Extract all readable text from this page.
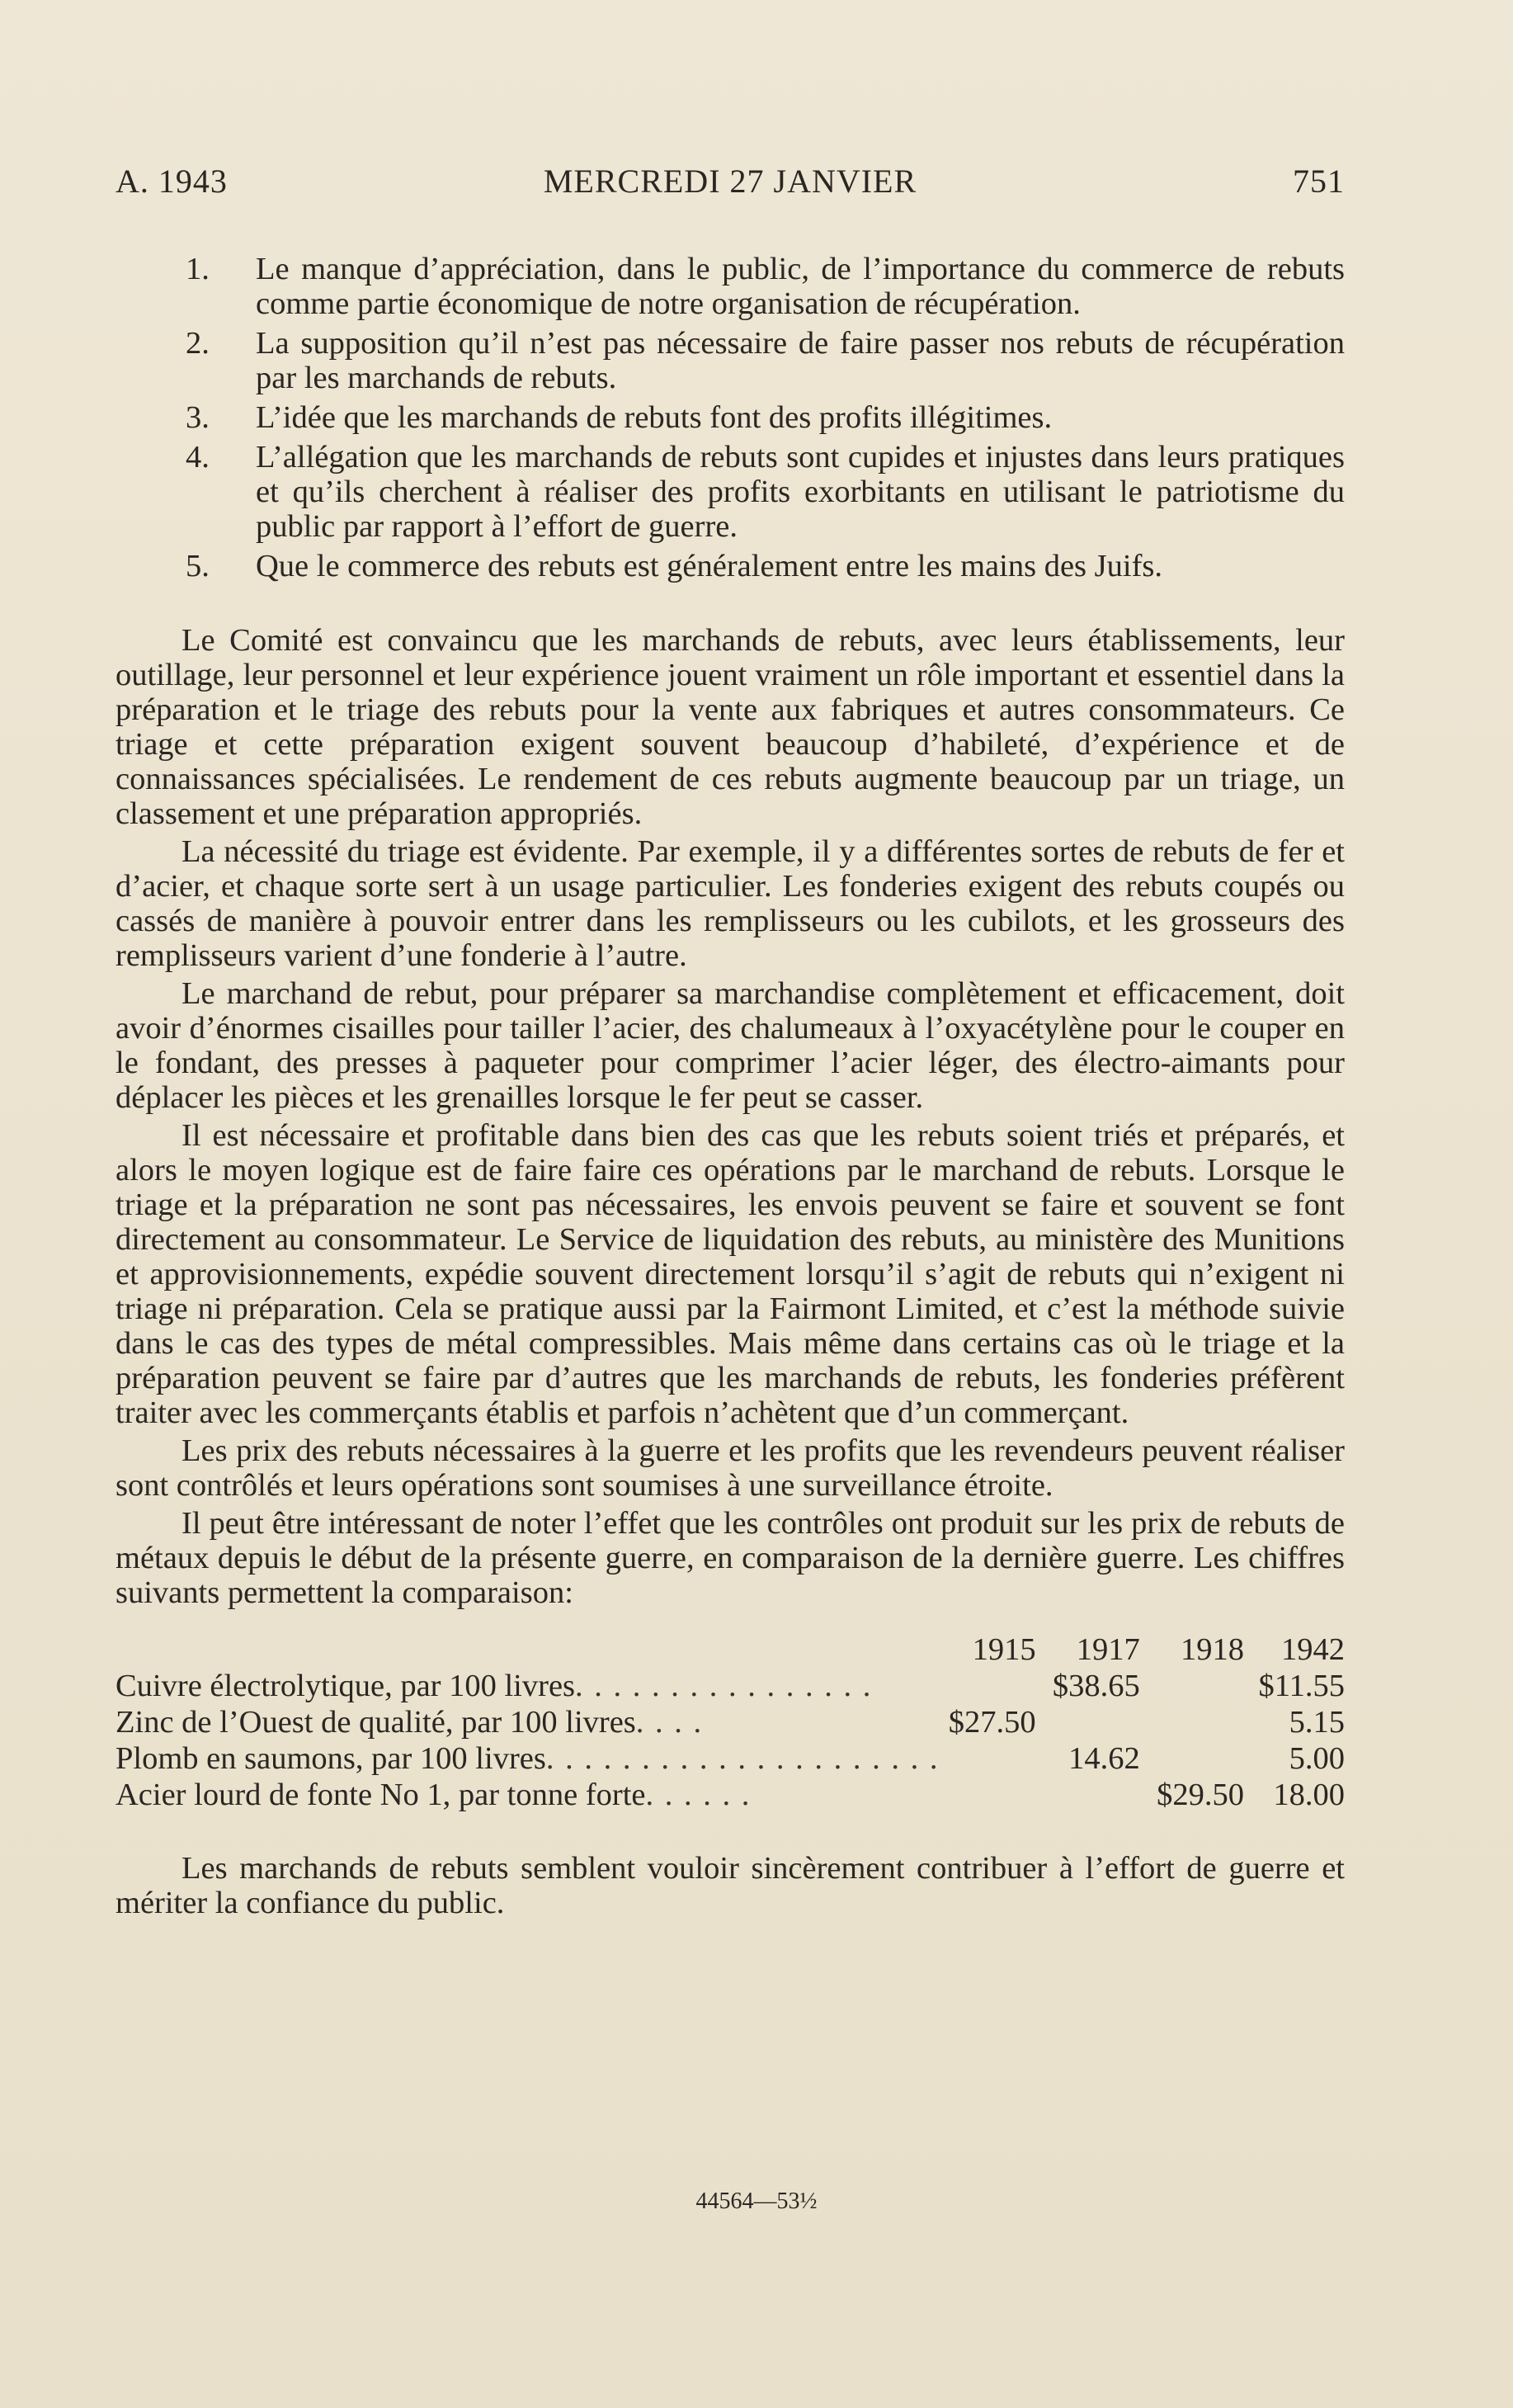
A. 1943	MERCREDI 27 JANVIER	751
1. Le manque d’appréciation, dans le public, de l’importance du commerce de rebuts comme partie économique de notre organisation de récupération.
2. La supposition qu’il n’est pas nécessaire de faire passer nos rebuts de récupération par les marchands de rebuts.
3. L’idée que les marchands de rebuts font des profits illégitimes.
4. L’allégation que les marchands de rebuts sont cupides et injustes dans leurs pratiques et qu’ils cherchent à réaliser des profits exorbitants en utilisant le patriotisme du public par rapport à l’effort de guerre.
5. Que le commerce des rebuts est généralement entre les mains des Juifs.

Le Comité est convaincu que les marchands de rebuts, avec leurs établissements, leur outillage, leur personnel et leur expérience jouent vraiment un rôle important et essentiel dans la préparation et le triage des rebuts pour la vente aux fabriques et autres consommateurs. Ce triage et cette préparation exigent souvent beaucoup d’habileté, d’expérience et de connaissances spécialisées. Le rendement de ces rebuts augmente beaucoup par un triage, un classement et une préparation appropriés.

La nécessité du triage est évidente. Par exemple, il y a différentes sortes de rebuts de fer et d’acier, et chaque sorte sert à un usage particulier. Les fonderies exigent des rebuts coupés ou cassés de manière à pouvoir entrer dans les remplisseurs ou les cubilots, et les grosseurs des remplisseurs varient d’une fonderie à l’autre.

Le marchand de rebut, pour préparer sa marchandise complètement et efficacement, doit avoir d’énormes cisailles pour tailler l’acier, des chalumeaux à l’oxyacétylène pour le couper en le fondant, des presses à paqueter pour comprimer l’acier léger, des électro-aimants pour déplacer les pièces et les grenailles lorsque le fer peut se casser.

Il est nécessaire et profitable dans bien des cas que les rebuts soient triés et préparés, et alors le moyen logique est de faire faire ces opérations par le marchand de rebuts. Lorsque le triage et la préparation ne sont pas nécessaires, les envois peuvent se faire et souvent se font directement au consommateur. Le Service de liquidation des rebuts, au ministère des Munitions et approvisionnements, expédie souvent directement lorsqu’il s’agit de rebuts qui n’exigent ni triage ni préparation. Cela se pratique aussi par la Fairmont Limited, et c’est la méthode suivie dans le cas des types de métal compressibles. Mais même dans certains cas où le triage et la préparation peuvent se faire par d’autres que les marchands de rebuts, les fonderies préfèrent traiter avec les commerçants établis et parfois n’achètent que d’un commerçant.

Les prix des rebuts nécessaires à la guerre et les profits que les revendeurs peuvent réaliser sont contrôlés et leurs opérations sont soumises à une surveillance étroite.

Il peut être intéressant de noter l’effet que les contrôles ont produit sur les prix de rebuts de métaux depuis le début de la présente guerre, en comparaison de la dernière guerre. Les chiffres suivants permettent la comparaison:

	1915	1917	1918	1942
Cuivre électrolytique, par 100 livres. . . . . . . . . . . . . . . .		$38.65		$11.55
Zinc de l’Ouest de qualité, par 100 livres. . . .	$27.50			5.15
Plomb en saumons, par 100 livres. . . . . . . . . . . . . . . . . . . . .		14.62		5.00
Acier lourd de fonte No 1, par tonne forte. . . . . .			$29.50	18.00

Les marchands de rebuts semblent vouloir sincèrement contribuer à l’effort de guerre et mériter la confiance du public.

44564—53½
